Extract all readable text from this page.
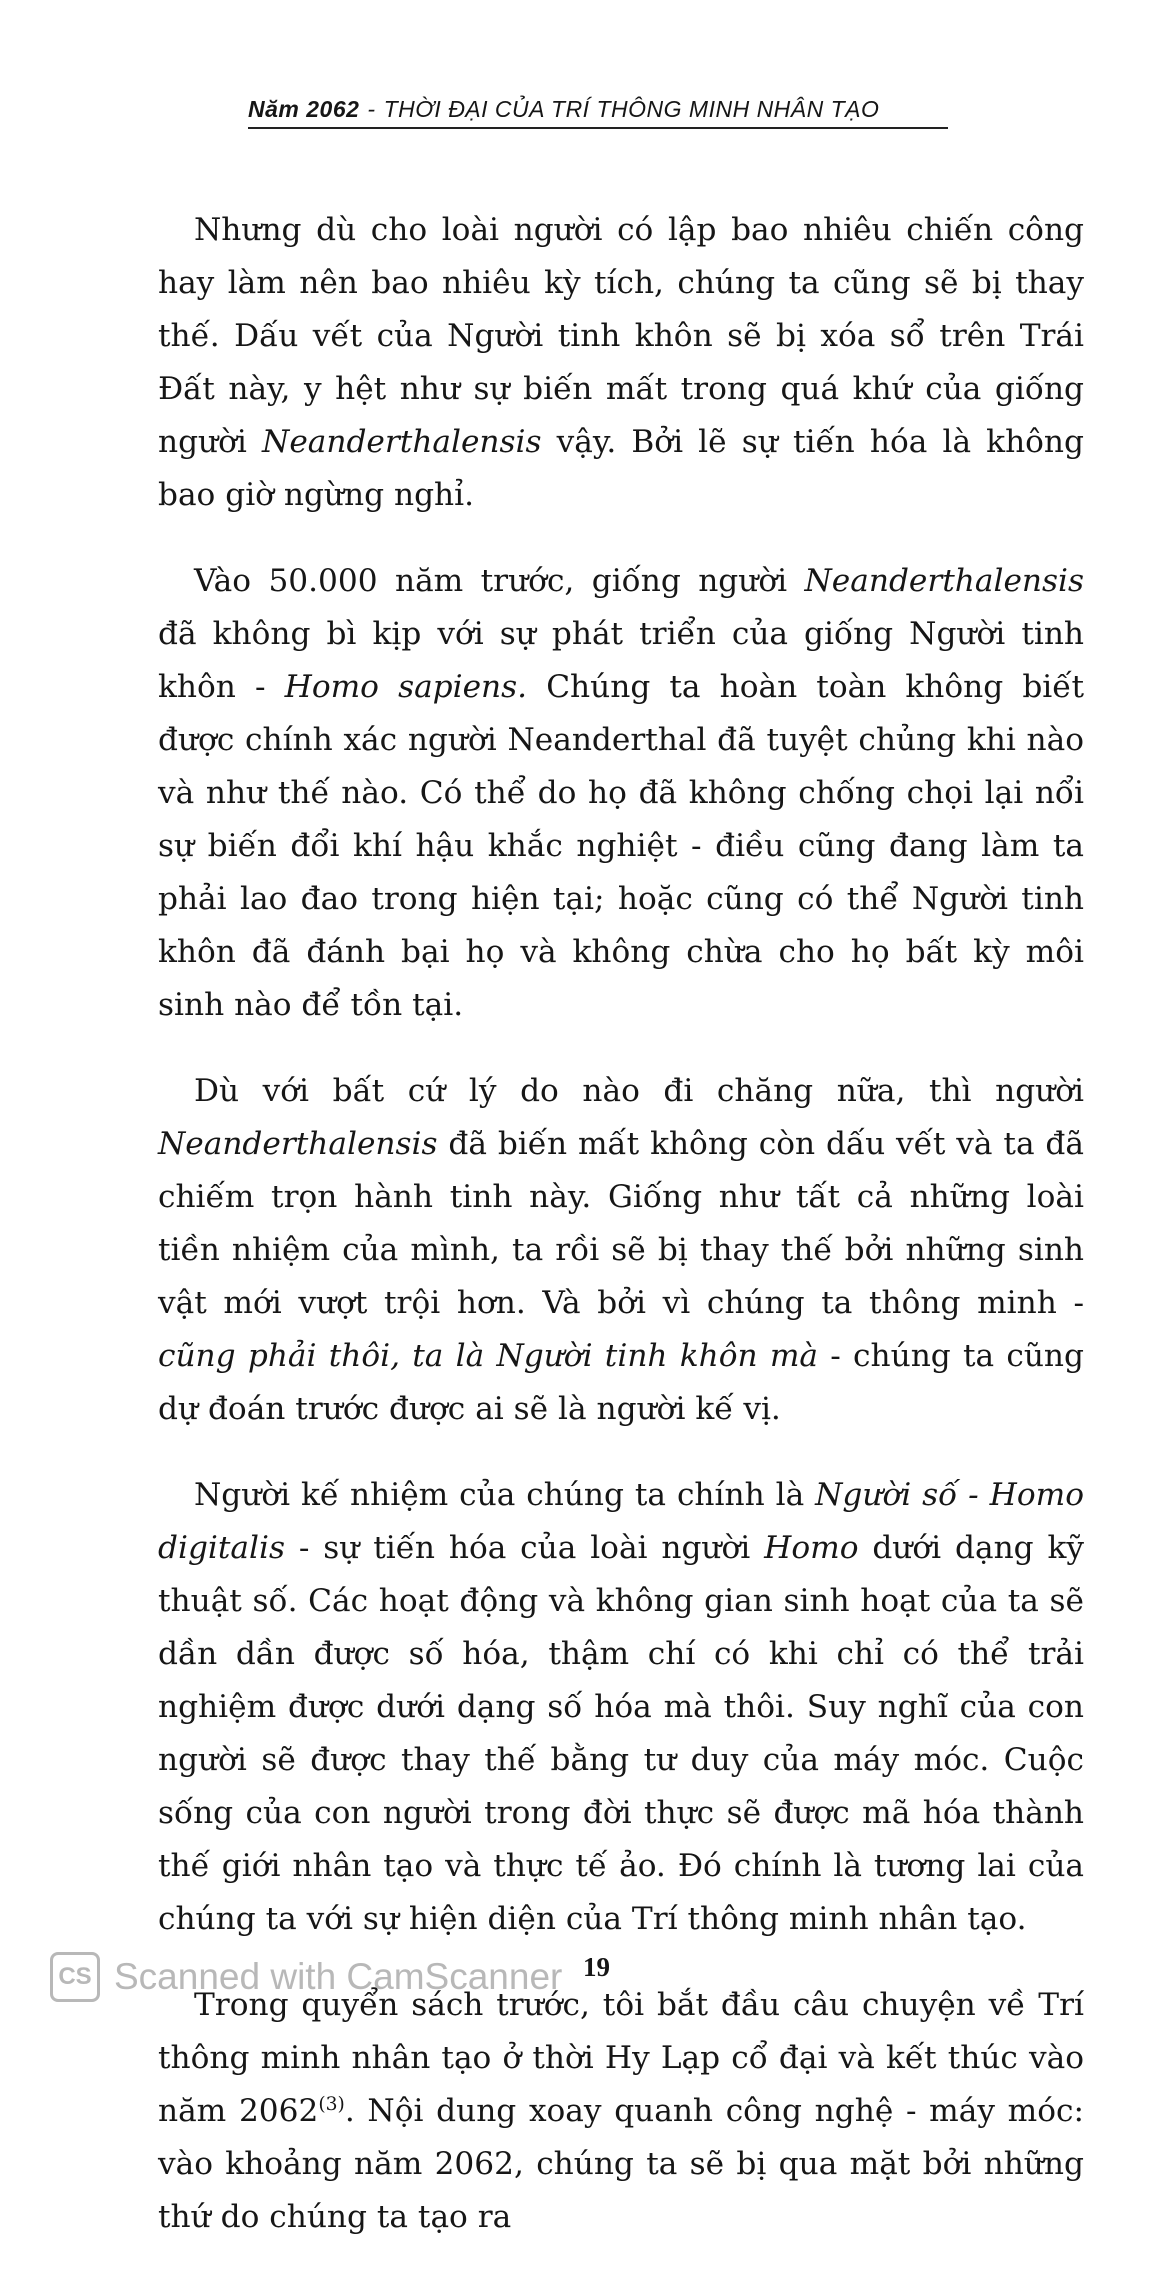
Năm 2062 - THỜI ĐẠI CỦA TRÍ THÔNG MINH NHÂN TẠO

Nhưng dù cho loài người có lập bao nhiêu chiến công hay làm nên bao nhiêu kỳ tích, chúng ta cũng sẽ bị thay thế. Dấu vết của Người tinh khôn sẽ bị xóa sổ trên Trái Đất này, y hệt như sự biến mất trong quá khứ của giống người Neanderthalensis vậy. Bởi lẽ sự tiến hóa là không bao giờ ngừng nghỉ.

Vào 50.000 năm trước, giống người Neanderthalensis đã không bì kịp với sự phát triển của giống Người tinh khôn - Homo sapiens. Chúng ta hoàn toàn không biết được chính xác người Neanderthal đã tuyệt chủng khi nào và như thế nào. Có thể do họ đã không chống chọi lại nổi sự biến đổi khí hậu khắc nghiệt - điều cũng đang làm ta phải lao đao trong hiện tại; hoặc cũng có thể Người tinh khôn đã đánh bại họ và không chừa cho họ bất kỳ môi sinh nào để tồn tại.

Dù với bất cứ lý do nào đi chăng nữa, thì người Neanderthalensis đã biến mất không còn dấu vết và ta đã chiếm trọn hành tinh này. Giống như tất cả những loài tiền nhiệm của mình, ta rồi sẽ bị thay thế bởi những sinh vật mới vượt trội hơn. Và bởi vì chúng ta thông minh - cũng phải thôi, ta là Người tinh khôn mà - chúng ta cũng dự đoán trước được ai sẽ là người kế vị.

Người kế nhiệm của chúng ta chính là Người số - Homo digitalis - sự tiến hóa của loài người Homo dưới dạng kỹ thuật số. Các hoạt động và không gian sinh hoạt của ta sẽ dần dần được số hóa, thậm chí có khi chỉ có thể trải nghiệm được dưới dạng số hóa mà thôi. Suy nghĩ của con người sẽ được thay thế bằng tư duy của máy móc. Cuộc sống của con người trong đời thực sẽ được mã hóa thành thế giới nhân tạo và thực tế ảo. Đó chính là tương lai của chúng ta với sự hiện diện của Trí thông minh nhân tạo.

Trong quyển sách trước, tôi bắt đầu câu chuyện về Trí thông minh nhân tạo ở thời Hy Lạp cổ đại và kết thúc vào năm 2062$^{(3)}$. Nội dung xoay quanh công nghệ - máy móc: vào khoảng năm 2062, chúng ta sẽ bị qua mặt bởi những thứ do chúng ta tạo ra

CS Scanned with CamScanner 19
